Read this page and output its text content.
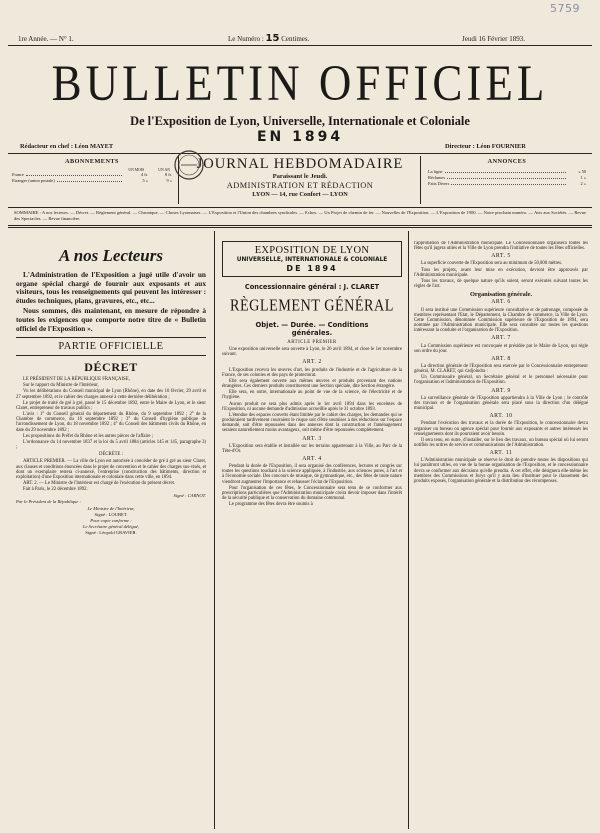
5759
1re Année. — N° 1.	Le Numéro : 15 Centimes.	Jeudi 16 Février 1893.
BULLETIN OFFICIEL
De l'Exposition de Lyon, Universelle, Internationale et Coloniale
EN 1894
Rédacteur en chef : Léon MAYET	Directeur : Léon FOURNIER
ABONNEMENTS
UN MOIS	UN AN
France	4 fr.	8 fr.
Etranger (union postale)	5 »	9 »
JOURNAL HEBDOMADAIRE
Paraissant le Jeudi.
ADMINISTRATION ET RÉDACTION
LYON — 14, rue Confort — LYON
ANNONCES
La ligne	» 50
Réclames	1 »
Faits Divers	2 »
SOMMAIRE : A nos lecteurs. — Décret. — Règlement général. — Chronique. — Choses Lyonnaises. — L'Exposition et l'Union des chambres syndicales. — Echos. — Un Projet de chemin de fer. — Nouvelles de l'Exposition. — L'Exposition de 1900. — Notre prochain numéro. — Avis aux Sociétés. — Revue des Spectacles. — Revue financière.
A nos Lecteurs
L'Administration de l'Exposition a jugé utile d'avoir un organe spécial chargé de fournir aux exposants et aux visiteurs, tous les renseignements qui peuvent les intéresser : études techniques, plans, gravures, etc., etc...
Nous sommes, dès maintenant, en mesure de répondre à toutes les exigences que comporte notre titre de « Bulletin officiel de l'Exposition ».
PARTIE OFFICIELLE
DÉCRET

LE PRÉSIDENT DE LA RÉPUBLIQUE FRANÇAISE,

Sur le rapport du Ministre de l'Intérieur,

Vu les délibérations du Conseil municipal de Lyon (Rhône), en date des 10 février, 29 avril et 27 septembre 1892, et le cahier des charges annexé à cette dernière délibération ;

Le projet de traité de gré à gré, passé le 15 décembre 1892, entre le Maire de Lyon, et le sieur Claret, entrepreneur de travaux publics ;

L'avis : 1° du Conseil général du département du Rhône, du 9 septembre 1892 ; 2° de la Chambre de commerce, du 16 septembre 1892 ; 3° du Conseil d'hygiène publique de l'arrondissement de Lyon, du 18 novembre 1892 ; 4° du Conseil des bâtiments civils du Rhône, en date du 29 novembre 1892 ;

Les propositions du Préfet du Rhône et les autres pièces de l'affaire ;

L'ordonnance du 14 novembre 1837 et la loi du 5 avril 1884 (articles 145 et 145, paragraphe 3) ;

DÉCRÈTE :

ARTICLE PREMIER. — La ville de Lyon est autorisée à concéder de gré à gré au sieur Claret, aux clauses et conditions énoncées dans le projet de convention et le cahier des charges sus-visés, et dont un exemplaire restera ci-annexé, l'entreprise (construction des bâtiments, direction et exploitation) d'une Exposition internationale et coloniale dans cette ville, en 1894.

ART. 2. — Le Ministre de l'Intérieur est chargé de l'exécution du présent décret.

Fait à Paris, le 22 décembre 1892.

Signé : CARNOT.
Par le Président de la République :
Le Ministre de l'Intérieur,
Signé : LOUBET.
Pour copie conforme :
Le Secrétaire général délégué,
Signé : Léopold GRAVIER.
EXPOSITION DE LYON
UNIVERSELLE, INTERNATIONALE & COLONIALE
DE 1894
Concessionnaire général : J. CLARET
RÈGLEMENT GÉNÉRAL
Objet. — Durée. — Conditions générales.
ARTICLE PREMIER

Une exposition universelle sera ouverte à Lyon, le 26 avril 1894, et close le 1er novembre suivant.

ART. 2

L'Exposition recevra les œuvres d'art, les produits de l'industrie et de l'agriculture de la France, de ses colonies et des pays de protectorat.

Elle sera également ouverte aux mêmes œuvres et produits provenant des nations étrangères. Ces derniers produits constitueront une Section spéciale, dite Section étrangère.

Elle sera, en outre, internationale au point de vue de la science, de l'électricité et de l'hygiène.

Aucun produit ne sera plus admis après le 1er avril 1894 dans les enceintes de l'Exposition, ni aucune demande d'admission accueillie après le 31 octobre 1893.

L'étendue des espaces couverts étant limitée par le cahier des charges, les demandes qui se produiraient tardivement courraient le risque soit d'être soumises à des réductions sur l'espace demandé, soit d'être repoussées dans des annexes dont la construction et l'aménagement seraient naturellement moins avantageux, soit même d'être repoussées complètement.

ART. 3

L'Exposition sera établie et installée sur les terrains appartenant à la Ville, au Parc de la Tête-d'Or.

ART. 4

Pendant la durée de l'Exposition, il sera organisé des conférences, lectures et congrès sur toutes les questions touchant à la science appliquée, à l'industrie, aux sciences pures, à l'art et à l'économie sociale. Des concours de musique, de gymnastique, etc., des fêtes de toute nature viendront augmenter l'importance et rehausser l'éclat de l'Exposition.

Pour l'organisation de ces fêtes, le Concessionnaire sera tenu de se conformer aux prescriptions particulières que l'Administration municipale croira devoir imposer dans l'intérêt de la sécurité publique et la conservation du domaine communal.

Le programme des fêtes devra être soumis à

l'approbation de l'Administration municipale. Le Concessionnaire organisera toutes les fêtes qu'il jugera utiles et la Ville de Lyon prendra l'initiative de toutes les fêtes officielles.

ART. 5

La superficie couverte de l'Exposition sera au minimum de 50,000 mètres.

Tous les projets, avant leur mise en exécution, devront être approuvés par l'Administration municipale.

Tous les travaux, de quelque nature qu'ils soient, seront exécutés suivant toutes les règles de l'art.

Organisation générale.
ART. 6

Il sera institué une Commission supérieure consultative et de patronage, composée de membres représentant l'Etat, le Département, la Chambre de commerce, la Ville de Lyon. Cette Commission, dénommée Commission supérieure de l'Exposition de 1894, sera nommée par l'Administration municipale. Elle sera consultée sur toutes les questions intéressant la conduite et l'organisation de l'Exposition.

ART. 7

La Commission supérieure est convoquée et présidée par le Maire de Lyon, qui règle son ordre du jour.

ART. 8

La direction générale de l'Exposition sera exercée par le Concessionnaire entrepreneur général, M. CLARET, qui s'adjoindra :

Un Commissaire général, un Secrétaire général et le personnel nécessaire pour l'organisation et l'administration de l'Exposition.

ART. 9

La surveillance générale de l'Exposition appartiendra à la Ville de Lyon ; le contrôle des travaux et de l'organisation générale sera placé sous la direction d'un délégué municipal.

ART. 10

Pendant l'exécution des travaux et la durée de l'Exposition, le concessionnaire devra organiser un bureau ou agence spécial pour fournir aux exposants et autres intéressés les renseignements dont ils pourraient avoir besoin.

Il sera tenu, en outre, d'installer, sur le lieu des travaux, un bureau spécial où lui seront notifiés les ordres de service et communications de l'Administration.

ART. 11

L'Administration municipale se réserve le droit de prendre toutes les dispositions qui lui paraîtront utiles, en vue de la bonne organisation de l'Exposition, et le concessionnaire devra se conformer aux décisions qu'elle prendra. A cet effet, elle désignera elle-même les membres des Commissions et Jurys qu'il y aura lieu d'instituer pour le classement des produits exposés, l'organisation générale et la distribution des récompenses.
